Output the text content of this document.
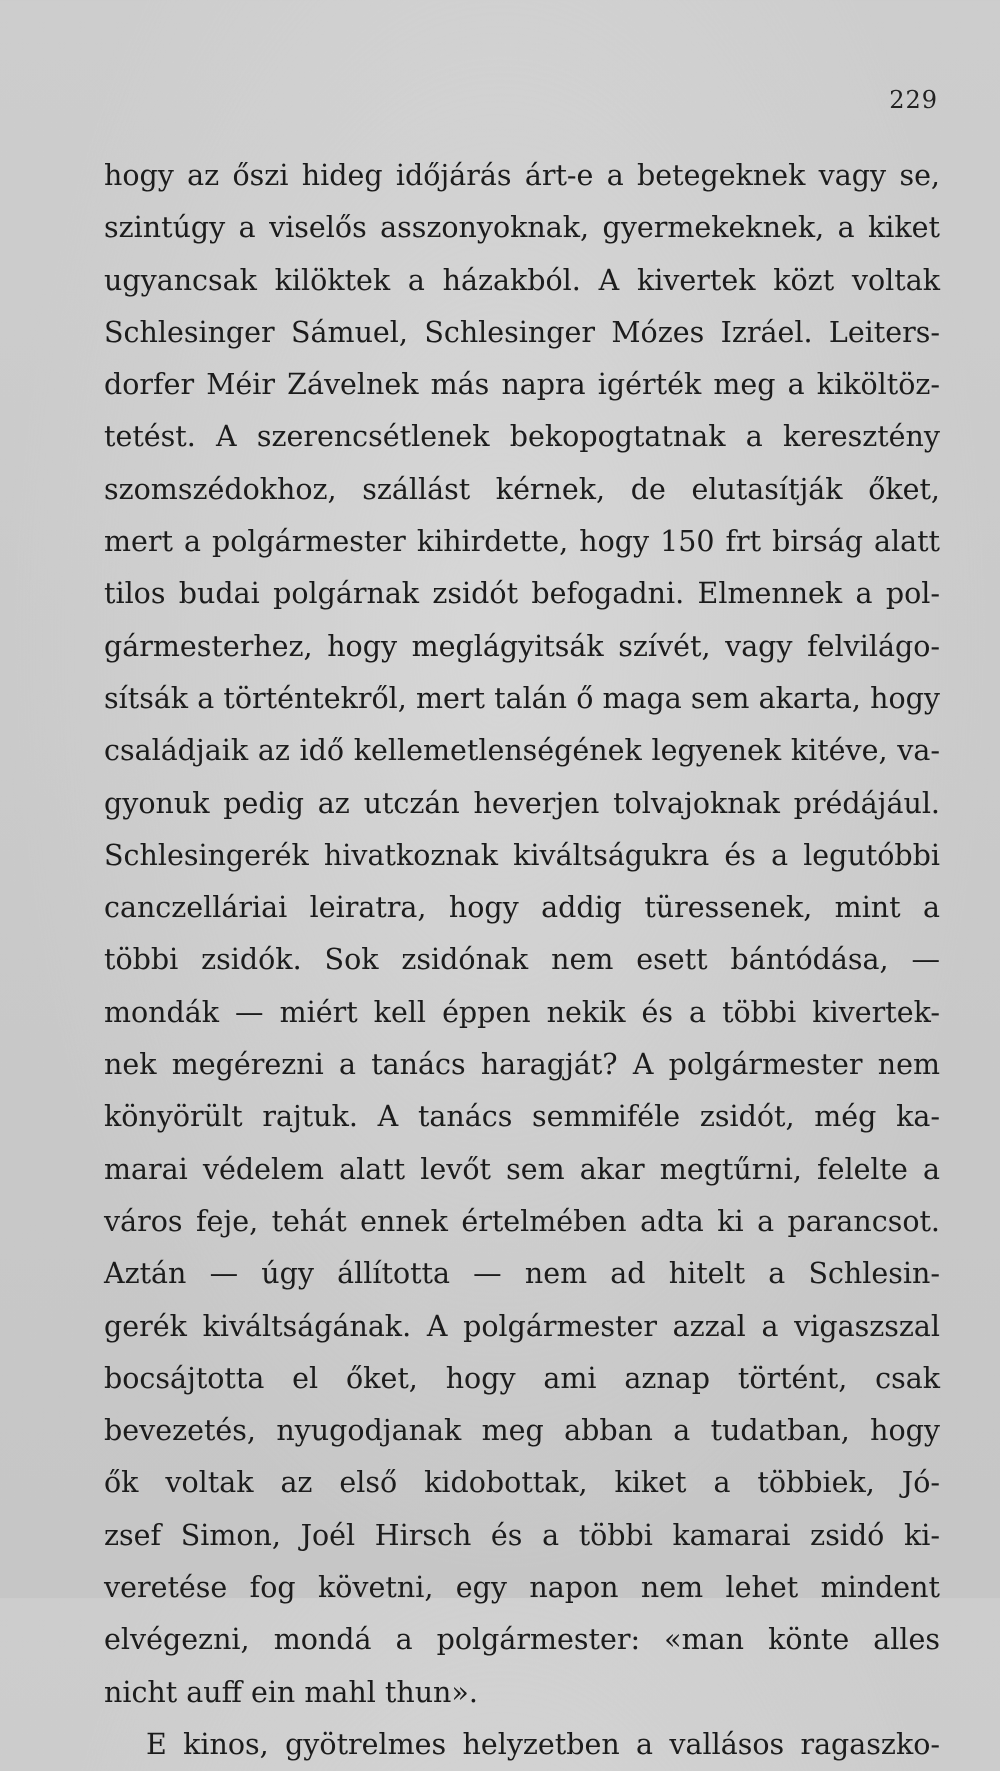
229
hogy az őszi hideg időjárás árt-e a betegeknek vagy se,
szintúgy a viselős asszonyoknak, gyermekeknek, a kiket
ugyancsak kilöktek a házakból. A kivertek közt voltak
Schlesinger Sámuel, Schlesinger Mózes Izráel. Leiters-
dorfer Méir Závelnek más napra igérték meg a kiköltöz-
tetést. A szerencsétlenek bekopogtatnak a keresztény
szomszédokhoz, szállást kérnek, de elutasítják őket,
mert a polgármester kihirdette, hogy 150 frt birság alatt
tilos budai polgárnak zsidót befogadni. Elmennek a pol-
gármesterhez, hogy meglágyitsák szívét, vagy felvilágo-
sítsák a történtekről, mert talán ő maga sem akarta, hogy
családjaik az idő kellemetlenségének legyenek kitéve, va-
gyonuk pedig az utczán heverjen tolvajoknak prédájául.
Schlesingerék hivatkoznak kiváltságukra és a legutóbbi
canczelláriai leiratra, hogy addig türessenek, mint a
többi zsidók. Sok zsidónak nem esett bántódása, —
mondák — miért kell éppen nekik és a többi kivertek-
nek megérezni a tanács haragját? A polgármester nem
könyörült rajtuk. A tanács semmiféle zsidót, még ka-
marai védelem alatt levőt sem akar megtűrni, felelte a
város feje, tehát ennek értelmében adta ki a parancsot.
Aztán — úgy állította — nem ad hitelt a Schlesin-
gerék kiváltságának. A polgármester azzal a vigaszszal
bocsájtotta el őket, hogy ami aznap történt, csak
bevezetés, nyugodjanak meg abban a tudatban, hogy
ők voltak az első kidobottak, kiket a többiek, Jó-
zsef Simon, Joél Hirsch és a többi kamarai zsidó ki-
veretése fog követni, egy napon nem lehet mindent
elvégezni, mondá a polgármester: «man könte alles
nicht auff ein mahl thun».
E kinos, gyötrelmes helyzetben a vallásos ragaszko-
